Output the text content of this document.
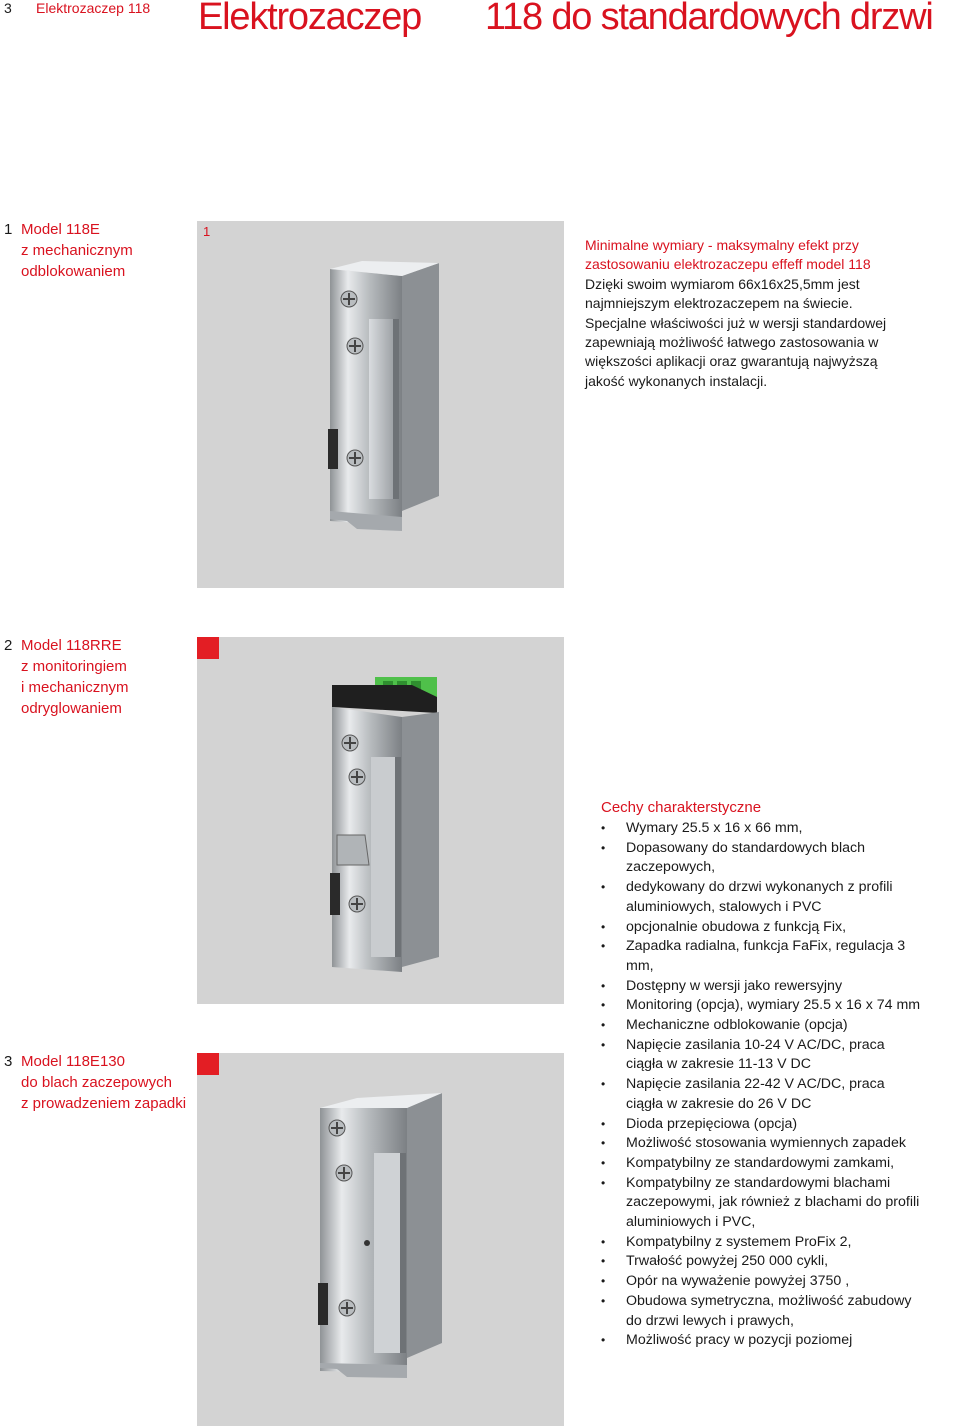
3 Elektrozaczep 118 Elektrozaczep 118 do standardowych drzwi
1 Model 118E
z mechanicznym
odblokowaniem
2 Model 118RRE
z monitoringiem
i mechanicznym
odryglowaniem
3 Model 118E130
do blach zaczepowych
z prowadzeniem zapadki
1
Minimalne wymiary - maksymalny efekt przy
zastosowaniu elektrozaczepu effeff model 118
Dzięki swoim wymiarom 66x16x25,5mm jest
najmniejszym elektrozaczepem na świecie.
Specjalne właściwości już w wersji standardowej
zapewniają możliwość łatwego zastosowania w
większości aplikacji oraz gwarantują najwyższą
jakość wykonanych instalacji.
Cechy charakterstyczne
• Wymary 25.5 x 16 x 66 mm,
• Dopasowany do standardowych blach
zaczepowych,
• dedykowany do drzwi wykonanych z profili
aluminiowych, stalowych i PVC
• opcjonalnie obudowa z funkcją Fix,
• Zapadka radialna, funkcja FaFix, regulacja 3
mm,
• Dostępny w wersji jako rewersyjny
• Monitoring (opcja), wymiary 25.5 x 16 x 74 mm
• Mechaniczne odblokowanie (opcja)
• Napięcie zasilania 10-24 V AC/DC, praca
ciągła w zakresie 11-13 V DC
• Napięcie zasilania 22-42 V AC/DC, praca
ciągła w zakresie do 26 V DC
• Dioda przepięciowa (opcja)
• Możliwość stosowania wymiennych zapadek
• Kompatybilny ze standardowymi zamkami,
• Kompatybilny ze standardowymi blachami
zaczepowymi, jak również z blachami do profili
aluminiowych i PVC,
• Kompatybilny z systemem ProFix 2,
• Trwałość powyżej 250 000 cykli,
• Opór na wyważenie powyżej 3750 ,
• Obudowa symetryczna, możliwość zabudowy
do drzwi lewych i prawych,
• Możliwość pracy w pozycji poziomej
